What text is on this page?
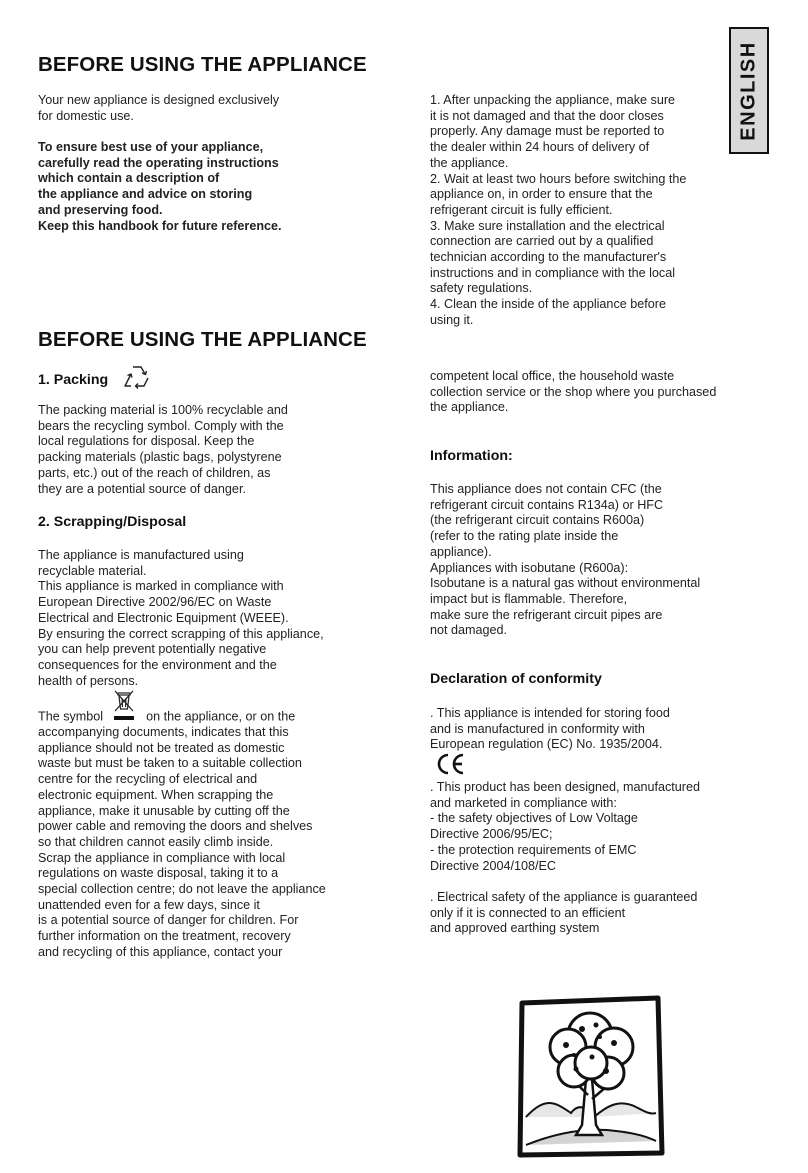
ENGLISH
BEFORE USING THE APPLIANCE
Your new appliance is designed exclusively
for domestic use.
To ensure best use of your appliance,
carefully read the operating instructions
which contain a description of
the appliance and advice on storing
and preserving food.
Keep this handbook for future reference.
1. After unpacking the appliance, make sure
it is not damaged and that the door closes
properly. Any damage must be reported to
the dealer within 24 hours of delivery of
the appliance.
2. Wait at least two hours before switching the
appliance on, in order to ensure that the
refrigerant circuit is fully efficient.
3. Make sure installation and the electrical
connection are carried out by a qualified
technician according to the manufacturer's
instructions and in compliance with the local
safety regulations.
4. Clean the inside of the appliance before
using it.
BEFORE USING THE APPLIANCE
1. Packing
The packing material is 100% recyclable and
bears the recycling symbol. Comply with the
local regulations for disposal. Keep the
packing materials (plastic bags, polystyrene
parts, etc.) out of the reach of children, as
they are a potential source of danger.
2. Scrapping/Disposal
The appliance is manufactured using
recyclable material.
This appliance is marked in compliance with
European Directive 2002/96/EC on Waste
Electrical and Electronic Equipment (WEEE).
By ensuring the correct scrapping of this appliance,
you can help prevent potentially negative
consequences for the environment and the
health of persons.
The symbol	on the appliance, or on the
accompanying documents, indicates that this
appliance should not be treated as domestic
waste but must be taken to a suitable collection
centre for the recycling of electrical and
electronic equipment. When scrapping the
appliance, make it unusable by cutting off the
power cable and removing the doors and shelves
so that children cannot easily climb inside.
Scrap the appliance in compliance with local
regulations on waste disposal, taking it to a
special collection centre; do not leave the appliance
unattended even for a few days, since it
is a potential source of danger for children. For
further information on the treatment, recovery
and recycling of this appliance, contact your
competent local office, the household waste
collection service or the shop where you purchased
the appliance.
Information:
This appliance does not contain CFC (the
refrigerant circuit contains R134a) or HFC
(the refrigerant circuit contains R600a)
(refer to the rating plate inside the
appliance).
Appliances with isobutane (R600a):
Isobutane is a natural gas without environmental
impact but is flammable. Therefore,
make sure the refrigerant circuit pipes are
not damaged.
Declaration of conformity
. This appliance is intended for storing food
and is manufactured in conformity with
European regulation (EC) No. 1935/2004.
. This product has been designed, manufactured
and marketed in compliance with:
- the safety objectives of Low Voltage
Directive 2006/95/EC;
- the protection requirements of EMC
Directive 2004/108/EC
. Electrical safety of the appliance is guaranteed
only if it is connected to an efficient
and approved earthing system
